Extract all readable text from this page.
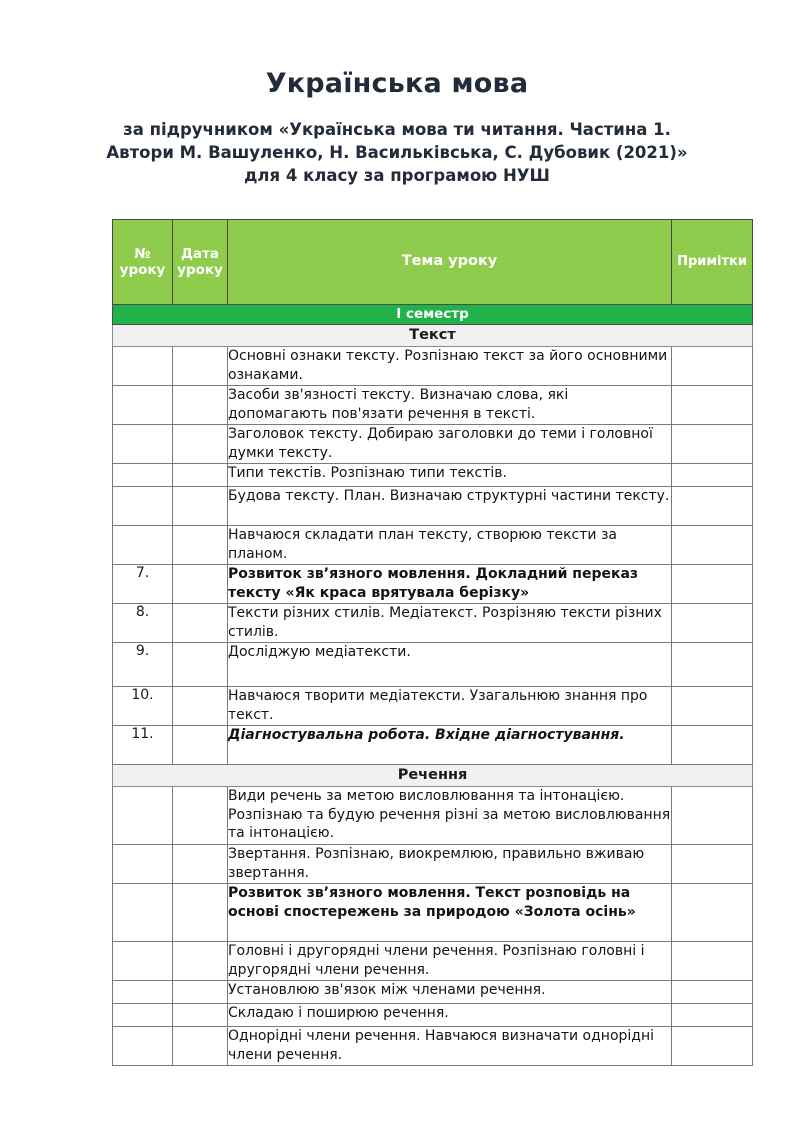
Українська мова

за підручником «Українська мова ти читання. Частина 1. Автори М. Вашуленко, Н. Васильківська, С. Дубовик (2021)» для 4 класу за програмою НУШ

№ уроку	Дата уроку	Тема уроку	Примітки
І семестр			
Текст			
		Основні ознаки тексту. Розпізнаю текст за його основними ознаками.	
		Засоби зв'язності тексту. Визначаю слова, які допомагають пов'язати речення в тексті.	
		Заголовок тексту. Добираю заголовки до теми і головної думки тексту.	
		Типи текстів. Розпізнаю типи текстів.	
		Будова тексту. План. Визначаю структурні частини тексту.	
		Навчаюся складати план тексту, створюю тексти за планом.	
7.		Розвиток зв’язного мовлення. Докладний переказ тексту «Як краса врятувала берізку»	
8.		Тексти різних стилів. Медіатекст. Розрізняю тексти різних стилів.	
9.		Досліджую медіатексти.	
10.		Навчаюся творити медіатексти. Узагальнюю знання про текст.	
11.		Діагностувальна робота. Вхідне діагностування.	
Речення			
		Види речень за метою висловлювання та інтонацією. Розпізнаю та будую речення різні за метою висловлювання та інтонацією.	
		Звертання. Розпізнаю, виокремлюю, правильно вживаю звертання.	
		Розвиток зв’язного мовлення. Текст розповідь на основі спостережень за природою «Золота осінь»	
		Головні і другорядні члени речення. Розпізнаю головні і другорядні члени речення.	
		Установлюю зв'язок між членами речення.	
		Складаю і поширюю речення.	
		Однорідні члени речення. Навчаюся визначати однорідні члени речення.	
